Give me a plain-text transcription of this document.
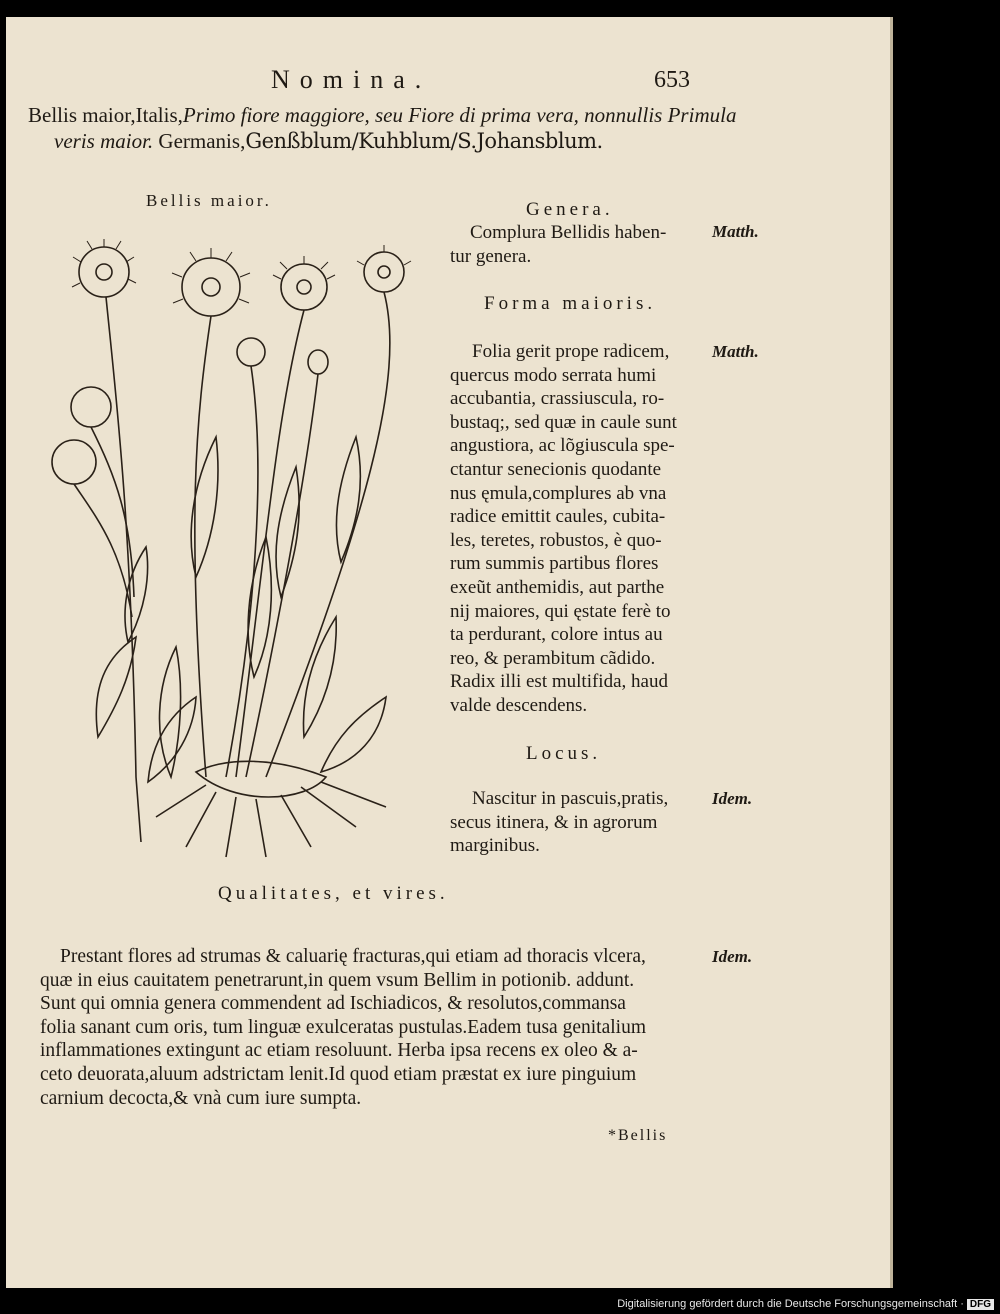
Nomina.	653
Bellis maior,Italis,Primo fiore maggiore, seu Fiore di prima vera, nonnullis Primula
veris maior. Germanis,Genßblum/Kuhblum/S.Johansblum.
Bellis maior.	Genera.
Complura Bellidis haben-
tur genera.
Matth.
Forma maioris.
Folia gerit prope radicem,
quercus modo serrata humi
accubantia, crassiuscula, ro-
bustaq;, sed quæ in caule sunt
angustiora, ac lõgiuscula spe-
ctantur senecionis quodante
nus ęmula,complures ab vna
radice emittit caules, cubita-
les, teretes, robustos, è quo-
rum summis partibus flores
exeũt anthemidis, aut parthe
nij maiores, qui ęstate ferè to
ta perdurant, colore intus au
reo, & perambitum cãdido.
Radix illi est multifida, haud
valde descendens.
Matth.
Locus.
Nascitur in pascuis,pratis,
secus itinera, & in agrorum
marginibus.
Idem.
Qualitates, et vires.
Prestant flores ad strumas & caluarię fracturas,qui etiam ad thoracis vlcera,
quæ in eius cauitatem penetrarunt,in quem vsum Bellim in potionib. addunt.
Sunt qui omnia genera commendent ad Ischiadicos, & resolutos,commansa
folia sanant cum oris, tum linguæ exulceratas pustulas.Eadem tusa genitalium
inflammationes extingunt ac etiam resoluunt. Herba ipsa recens ex oleo & a-
ceto deuorata,aluum adstrictam lenit.Id quod etiam præstat ex iure pinguium
carnium decocta,& vnà cum iure sumpta.
Idem.
*Bellis
Digitalisierung gefördert durch die Deutsche Forschungsgemeinschaft · DFG
